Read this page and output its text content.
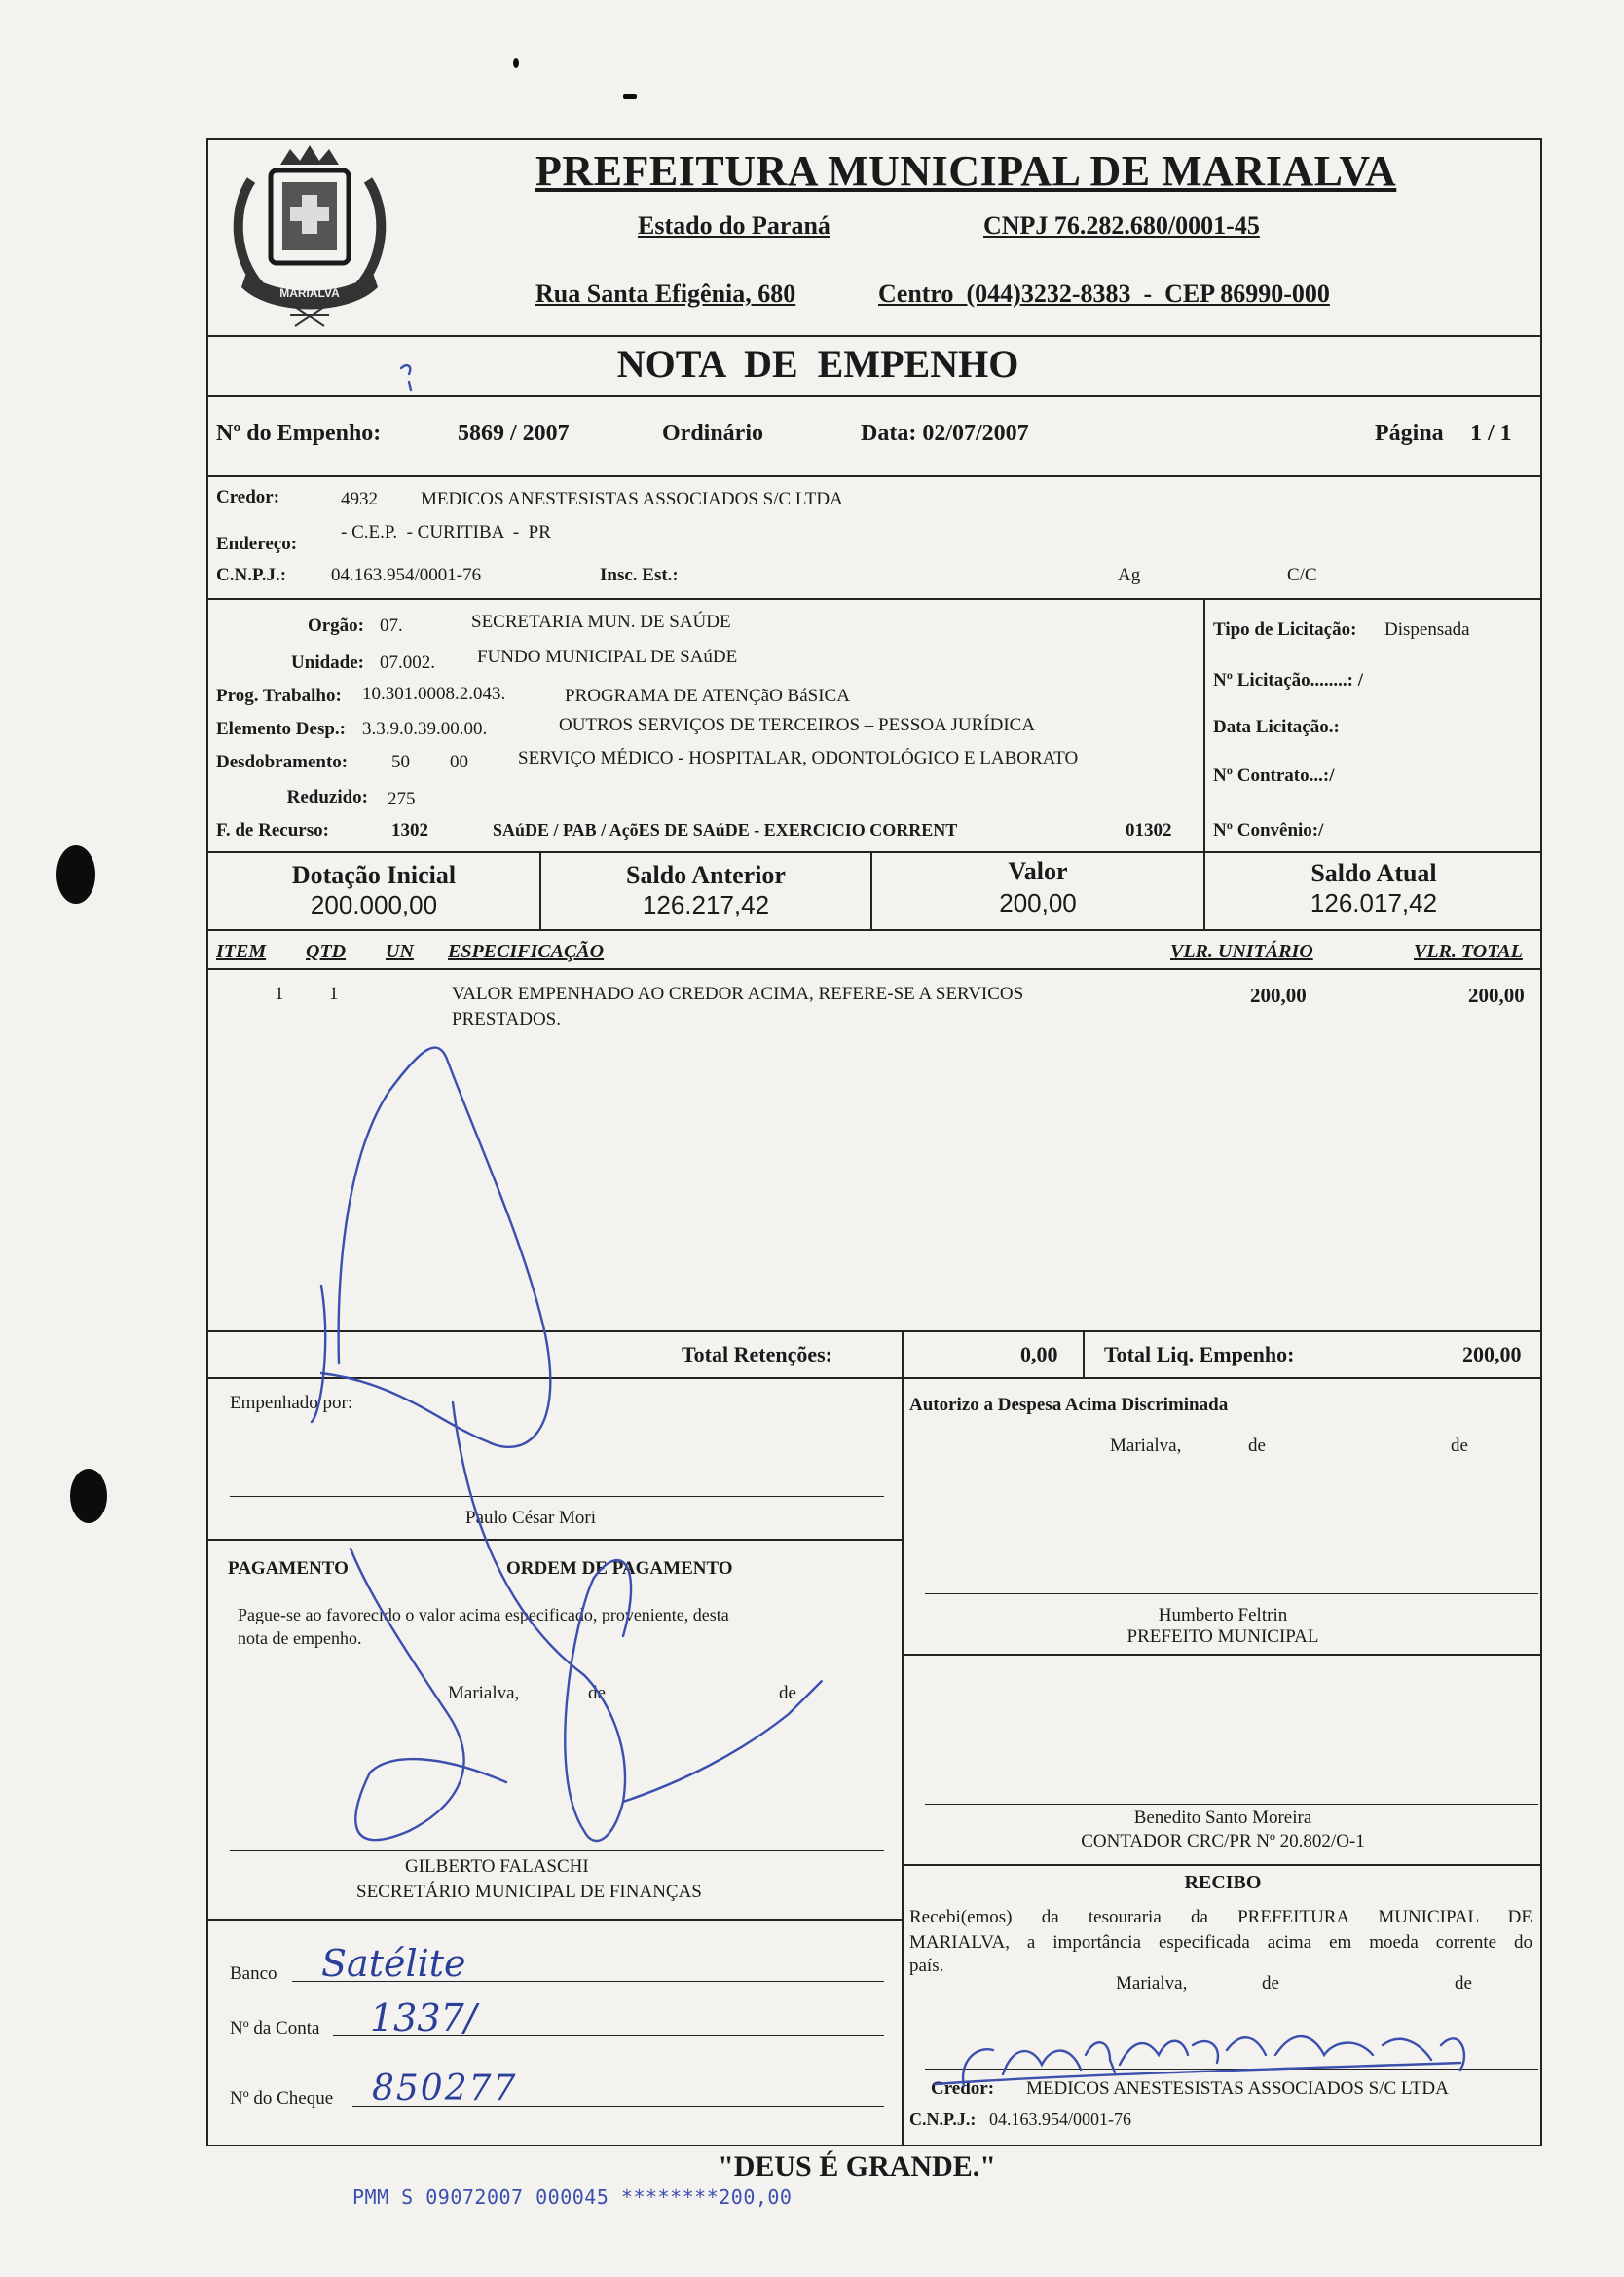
MARIALVA
PREFEITURA MUNICIPAL DE MARIALVA
Estado do Paraná	CNPJ 76.282.680/0001-45
Rua Santa Efigênia, 680	Centro  (044)3232-8383  -  CEP 86990-000
NOTA  DE  EMPENHO
Nº do Empenho:	5869 / 2007	Ordinário	Data: 02/07/2007	Página 1 / 1
Credor:	4932 MEDICOS ANESTESISTAS ASSOCIADOS S/C LTDA
Endereço:
- C.E.P.  - CURITIBA  -  PR
C.N.P.J.: 04.163.954/0001-76	Insc. Est.:	Ag	C/C
Orgão: 07.	SECRETARIA MUN. DE SAÚDE
Unidade: 07.002. FUNDO MUNICIPAL DE SAúDE
Prog. Trabalho: 10.301.0008.2.043.	PROGRAMA DE ATENÇãO BáSICA
Elemento Desp.: 3.3.9.0.39.00.00.	OUTROS SERVIÇOS DE TERCEIROS – PESSOA JURÍDICA
Desdobramento: 50 00	SERVIÇO MÉDICO - HOSPITALAR, ODONTOLÓGICO E LABORATO
Reduzido: 275
F. de Recurso:	1302	SAúDE / PAB / AçõES DE SAúDE - EXERCICIO CORRENT	01302
Tipo de Licitação: Dispensada
Nº Licitação........: /
Data Licitação.:
Nº Contrato...:/
Nº Convênio:/
Dotação Inicial
200.000,00
Saldo Anterior
126.217,42
Valor
200,00
Saldo Atual
126.017,42
ITEM QTD UN ESPECIFICAÇÃO	VLR. UNITÁRIO	VLR. TOTAL
1 1	VALOR EMPENHADO AO CREDOR ACIMA, REFERE-SE A SERVICOS
PRESTADOS.
200,00	200,00
Total Retenções:	0,00 Total Liq. Empenho:	200,00
Empenhado por:
Paulo César Mori
PAGAMENTO	ORDEM DE PAGAMENTO
Pague-se ao favorecido o valor acima especificado, proveniente, desta
nota de empenho.
Marialva,	de	de
GILBERTO FALASCHI
SECRETÁRIO MUNICIPAL DE FINANÇAS
Banco Satélite
Nº da Conta 1337/
Nº do Cheque 850277
Autorizo a Despesa Acima Discriminada
Marialva,	de	de
Humberto Feltrin
PREFEITO MUNICIPAL
Benedito Santo Moreira
CONTADOR CRC/PR Nº 20.802/O-1
RECIBO
Recebi(emos) da tesouraria da PREFEITURA MUNICIPAL DE
MARIALVA, a importância especificada acima em moeda corrente do
país.
Marialva,	de	de
Credor: MEDICOS ANESTESISTAS ASSOCIADOS S/C LTDA
C.N.P.J.: 04.163.954/0001-76
"DEUS É GRANDE."
PMM S 09072007 000045 ********200,00
